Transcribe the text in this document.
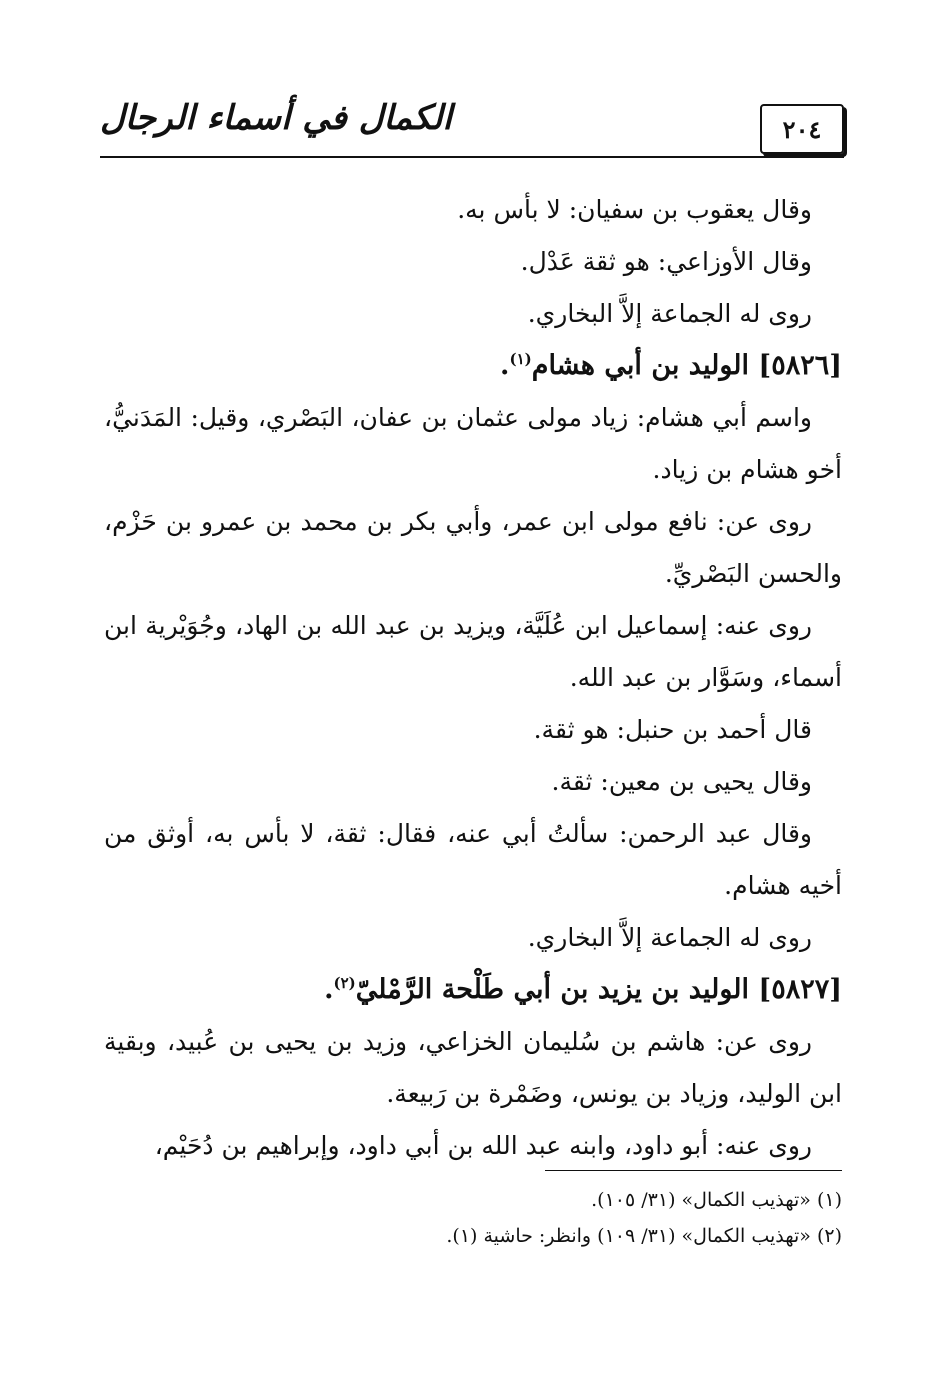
٢٠٤
الكمال في أسماء الرجال

وقال يعقوب بن سفيان: لا بأس به.

وقال الأوزاعي: هو ثقة عَدْل.

روى له الجماعة إلاَّ البخاري.

[٥٨٢٦] الوليد بن أبي هشام$^{(١)}$.

واسم أبي هشام: زياد مولى عثمان بن عفان، البَصْري، وقيل: المَدَنيُّ، أخو هشام بن زياد.

روى عن: نافع مولى ابن عمر، وأبي بكر بن محمد بن عمرو بن حَزْم، والحسن البَصْريِّ.

روى عنه: إسماعيل ابن عُلَيَّة، ويزيد بن عبد الله بن الهاد، وجُوَيْرية ابن أسماء، وسَوَّار بن عبد الله.

قال أحمد بن حنبل: هو ثقة.

وقال يحيى بن معين: ثقة.

وقال عبد الرحمن: سألتُ أبي عنه، فقال: ثقة، لا بأس به، أوثق من أخيه هشام.

روى له الجماعة إلاَّ البخاري.

[٥٨٢٧] الوليد بن يزيد بن أبي طَلْحة الرَّمْليّ$^{(٢)}$.

روى عن: هاشم بن سُليمان الخزاعي، وزيد بن يحيى بن عُبيد، وبقية ابن الوليد، وزياد بن يونس، وضَمْرة بن رَبيعة.

روى عنه: أبو داود، وابنه عبد الله بن أبي داود، وإبراهيم بن دُحَيْم،

(١) «تهذيب الكمال» (٣١/ ١٠٥).
(٢) «تهذيب الكمال» (٣١/ ١٠٩) وانظر: حاشية (١).
